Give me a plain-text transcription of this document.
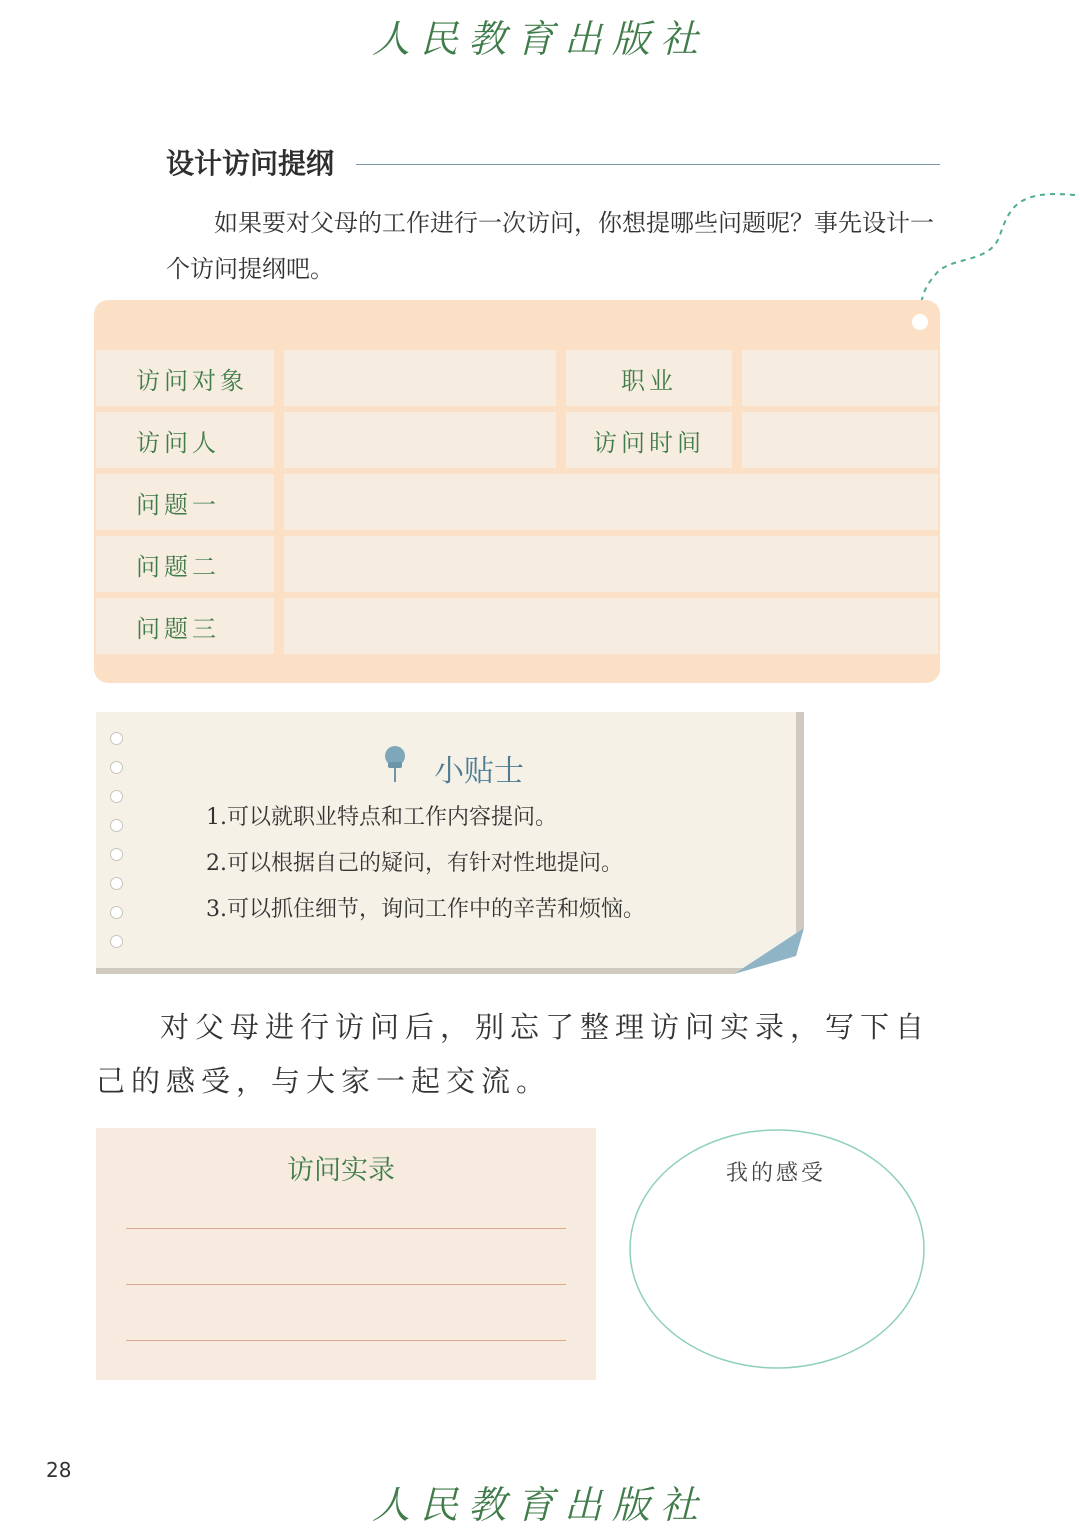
人民教育出版社
设计访问提纲
如果要对父母的工作进行一次访问，你想提哪些问题呢？事先设计一个访问提纲吧。
访问对象	职业
访问人	访问时间
问题一
问题二
问题三
小贴士
1.可以就职业特点和工作内容提问。
2.可以根据自己的疑问，有针对性地提问。
3.可以抓住细节，询问工作中的辛苦和烦恼。
对父母进行访问后，别忘了整理访问实录，写下自己的感受，与大家一起交流。
访问实录	我的感受
28
人民教育出版社
